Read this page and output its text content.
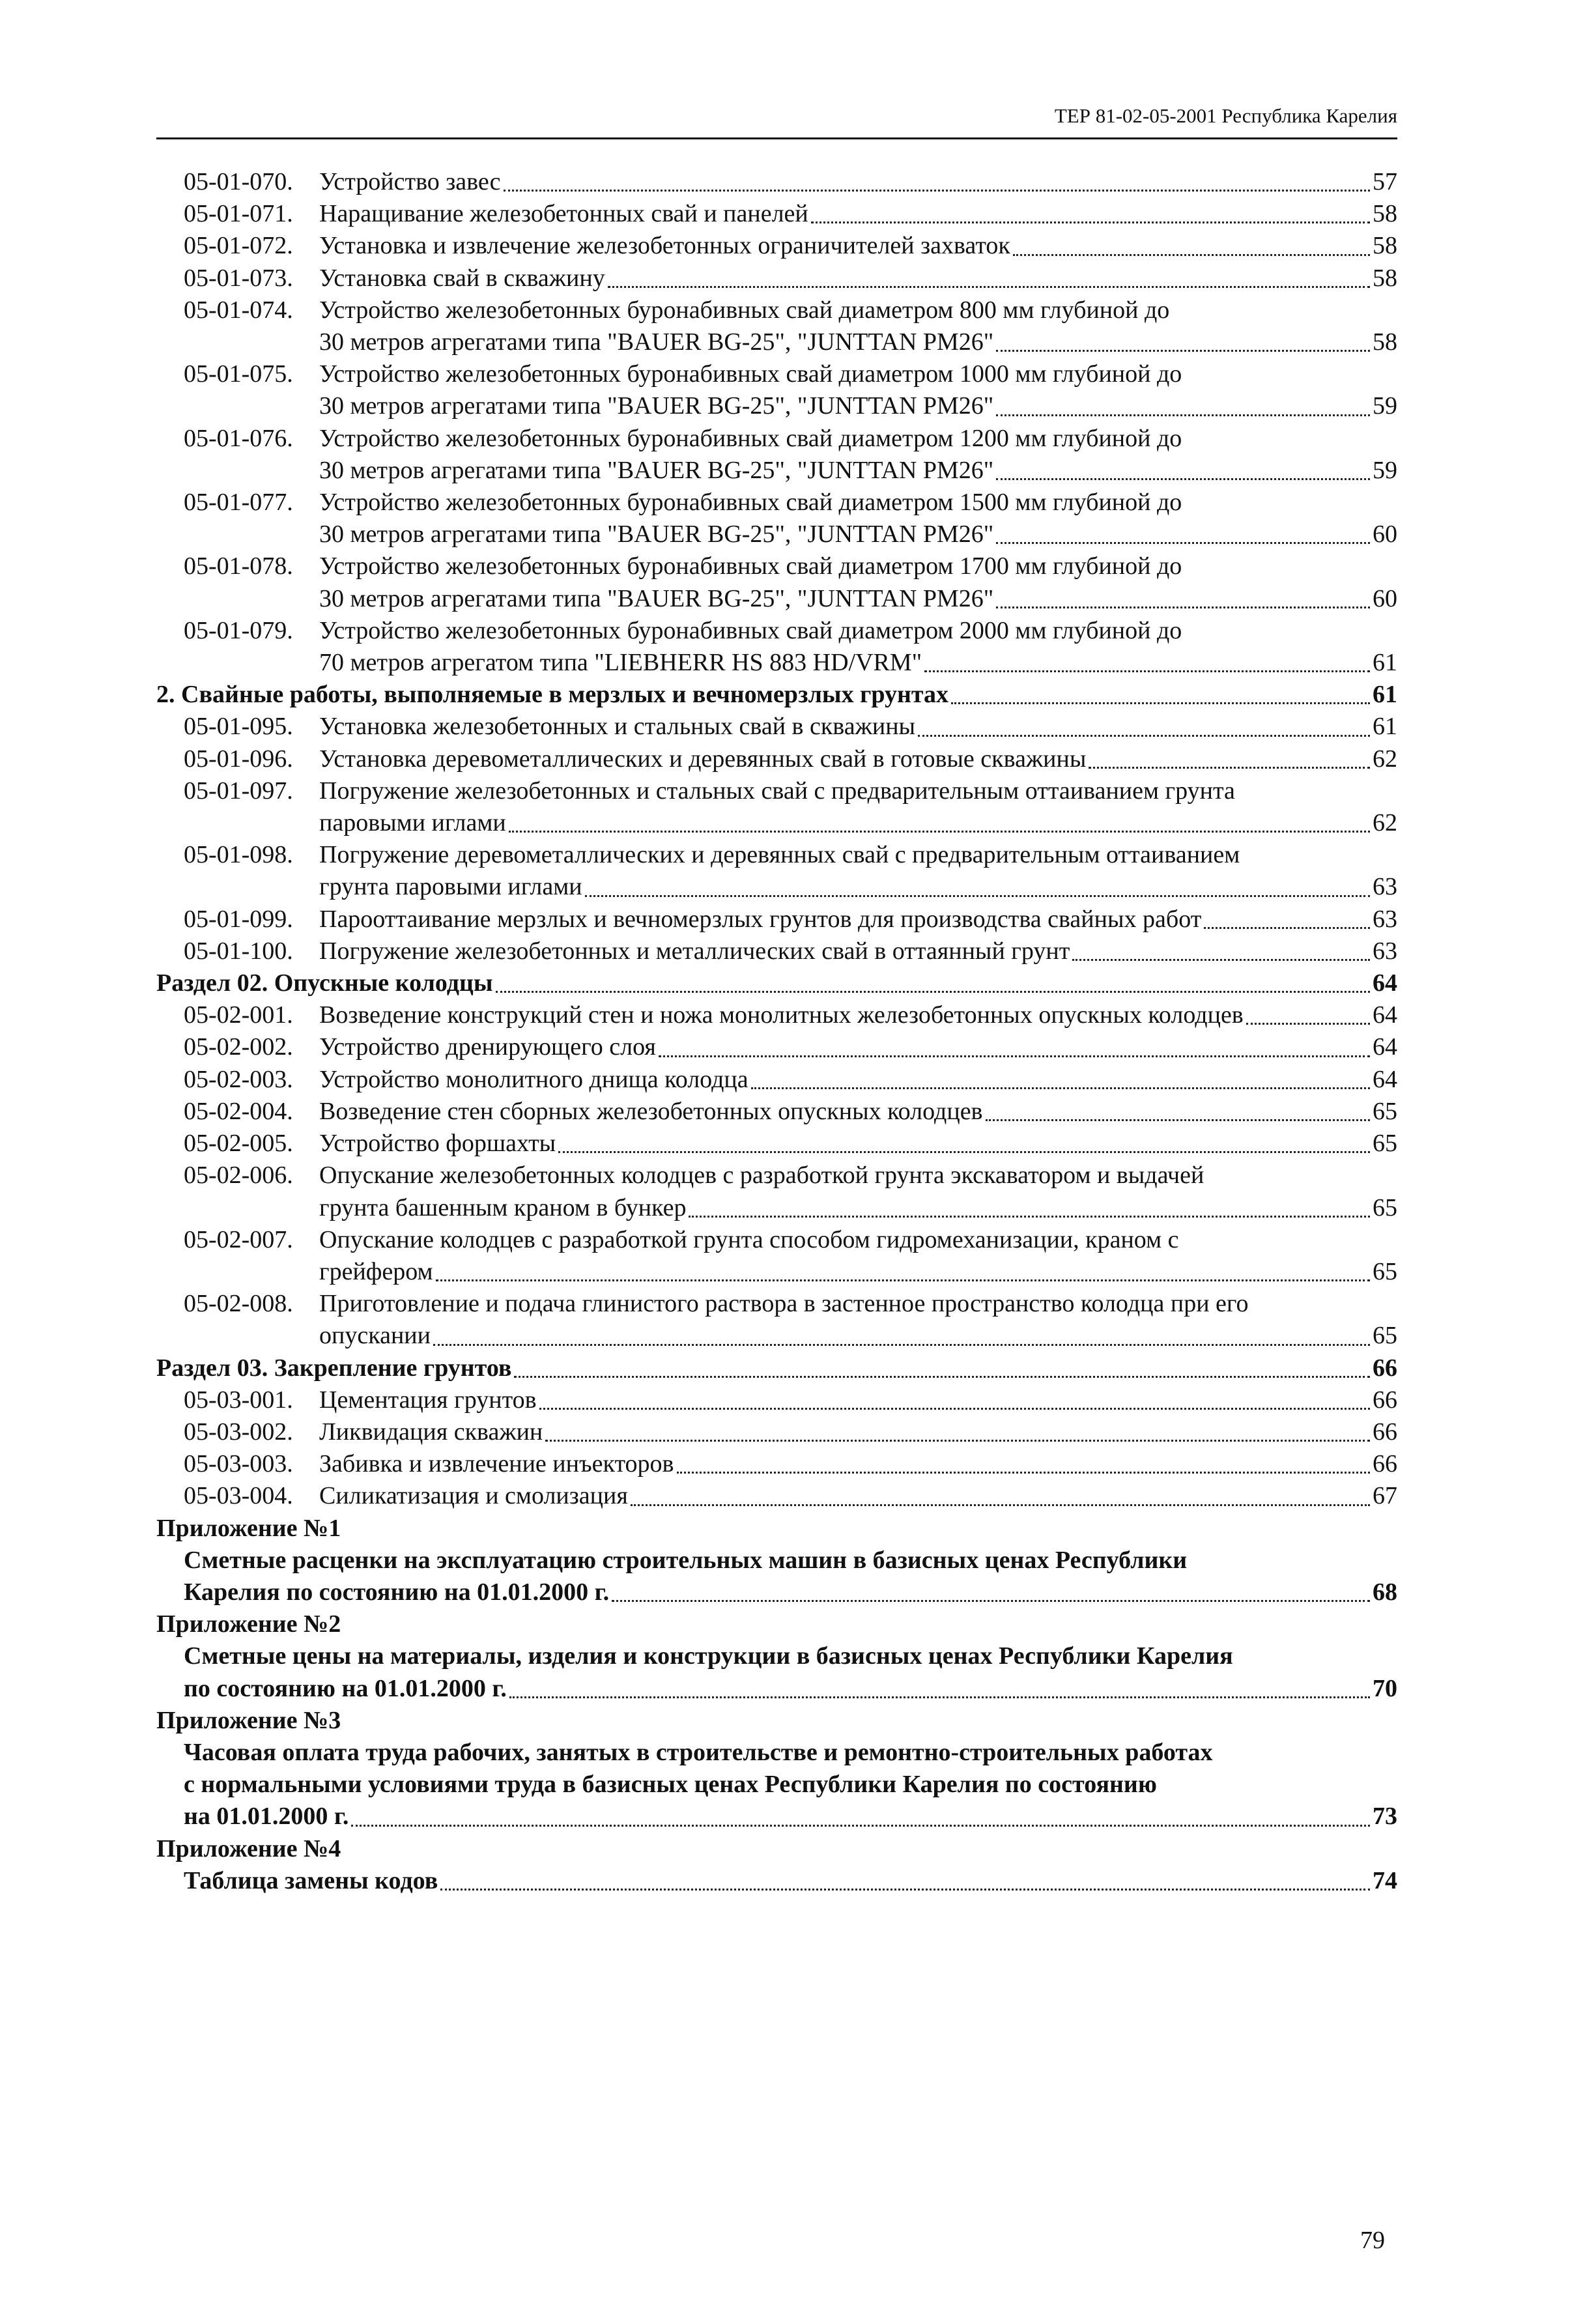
ТЕР 81-02-05-2001 Республика Карелия
05-01-070.	Устройство завес	57
05-01-071.	Наращивание железобетонных свай и панелей	58
05-01-072.	Установка и извлечение железобетонных ограничителей захваток	58
05-01-073.	Установка свай в скважину	58
05-01-074.	Устройство железобетонных буронабивных свай диаметром 800 мм глубиной до
30 метров агрегатами типа "BAUER BG-25", "JUNTTAN PM26"	58
05-01-075.	Устройство железобетонных буронабивных свай диаметром 1000 мм глубиной до
30 метров агрегатами типа "BAUER BG-25", "JUNTTAN PM26"	59
05-01-076.	Устройство железобетонных буронабивных свай диаметром 1200 мм глубиной до
30 метров агрегатами типа "BAUER BG-25", "JUNTTAN PM26"	59
05-01-077.	Устройство железобетонных буронабивных свай диаметром 1500 мм глубиной до
30 метров агрегатами типа "BAUER BG-25", "JUNTTAN PM26"	60
05-01-078.	Устройство железобетонных буронабивных свай диаметром 1700 мм глубиной до
30 метров агрегатами типа "BAUER BG-25", "JUNTTAN PM26"	60
05-01-079.	Устройство железобетонных буронабивных свай диаметром 2000 мм глубиной до
70 метров агрегатом типа "LIEBHERR HS 883 HD/VRM"	61
2. Свайные работы, выполняемые в мерзлых и вечномерзлых грунтах	61
05-01-095.	Установка железобетонных и стальных свай в скважины	61
05-01-096.	Установка деревометаллических и деревянных свай в готовые скважины	62
05-01-097.	Погружение железобетонных и стальных свай с предварительным оттаиванием грунта
паровыми иглами	62
05-01-098.	Погружение деревометаллических и деревянных свай с предварительным оттаиванием
грунта паровыми иглами	63
05-01-099.	Парооттаивание мерзлых и вечномерзлых грунтов для производства свайных работ	63
05-01-100.	Погружение железобетонных и металлических свай в оттаянный грунт	63
Раздел 02. Опускные колодцы	64
05-02-001.	Возведение конструкций стен и ножа монолитных железобетонных опускных колодцев	64
05-02-002.	Устройство дренирующего слоя	64
05-02-003.	Устройство монолитного днища колодца	64
05-02-004.	Возведение стен сборных железобетонных опускных колодцев	65
05-02-005.	Устройство форшахты	65
05-02-006.	Опускание железобетонных колодцев с разработкой грунта экскаватором и выдачей
грунта башенным краном в бункер	65
05-02-007.	Опускание колодцев с разработкой грунта способом гидромеханизации, краном с
грейфером	65
05-02-008.	Приготовление и подача глинистого раствора в застенное пространство колодца при его
опускании	65
Раздел 03. Закрепление грунтов	66
05-03-001.	Цементация грунтов	66
05-03-002.	Ликвидация скважин	66
05-03-003.	Забивка и извлечение инъекторов	66
05-03-004.	Силикатизация и смолизация	67
Приложение №1
Сметные расценки на эксплуатацию строительных машин в базисных ценах Республики
Карелия по состоянию на 01.01.2000 г.	68
Приложение №2
Сметные цены на материалы, изделия и конструкции в базисных ценах Республики Карелия
по состоянию на 01.01.2000 г.	70
Приложение №3
Часовая оплата труда рабочих, занятых в строительстве и ремонтно-строительных работах
с нормальными условиями труда в базисных ценах Республики Карелия по состоянию
на 01.01.2000 г.	73
Приложение №4
Таблица замены кодов	74
79
